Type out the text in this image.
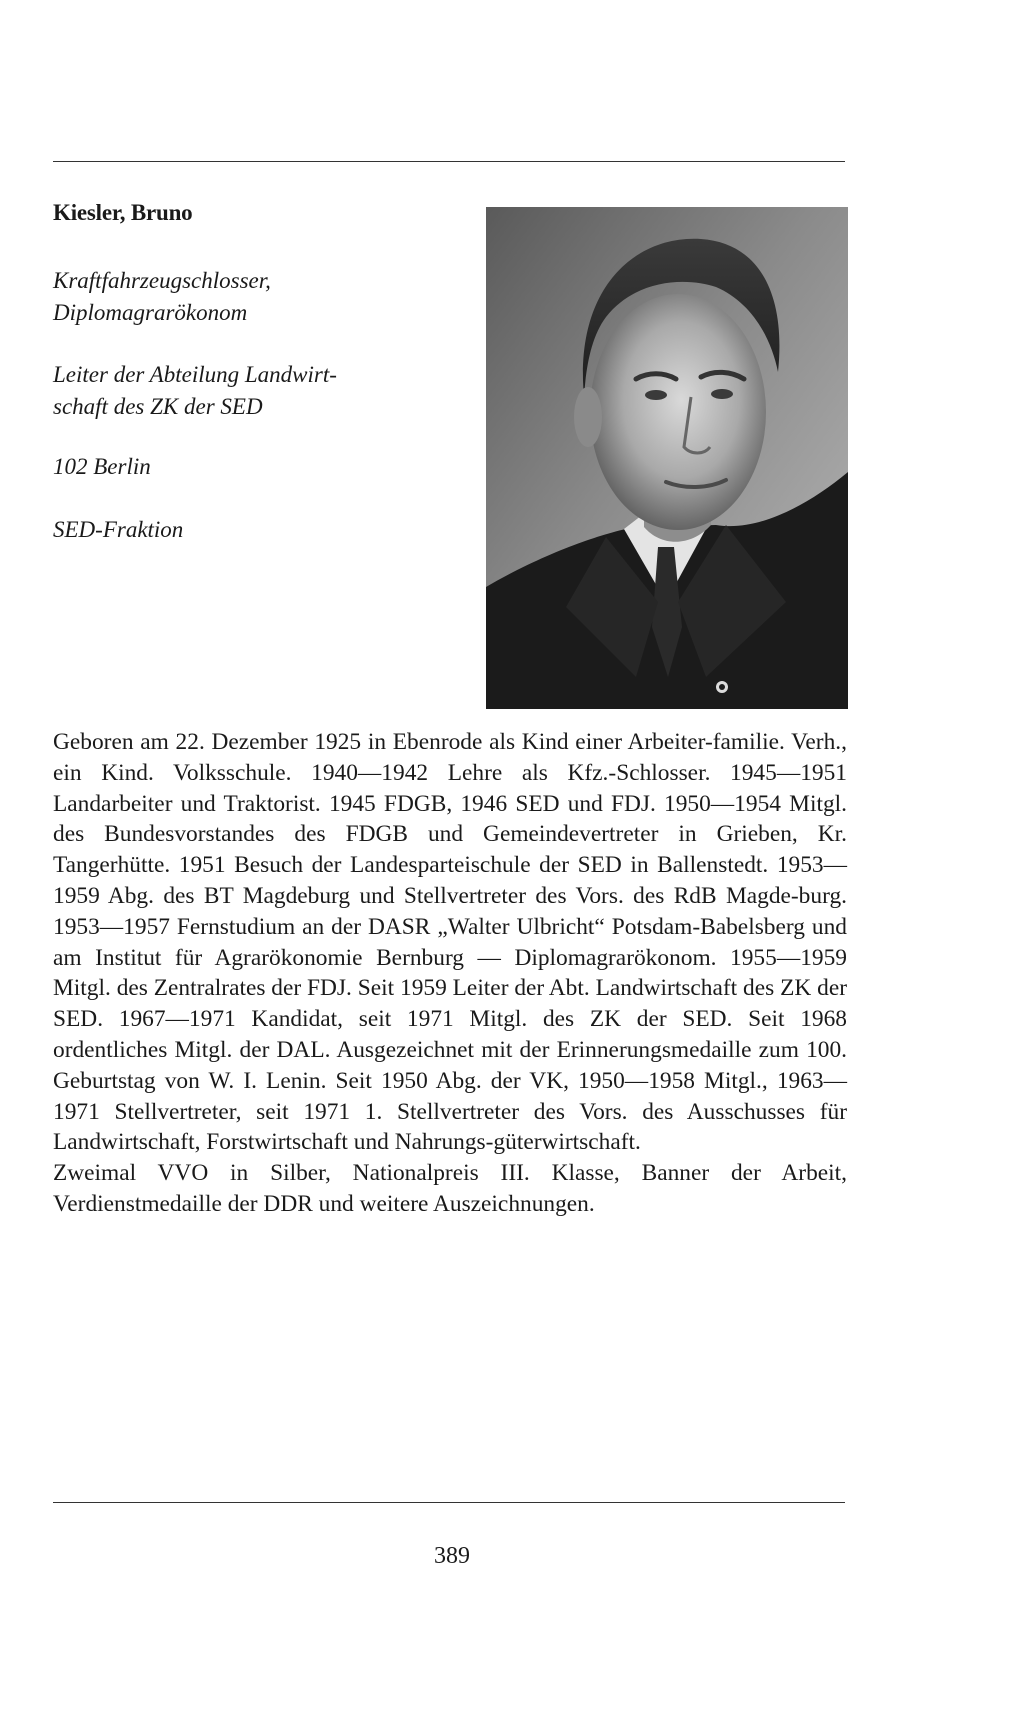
Kiesler, Bruno

Kraftfahrzeugschlosser,
Diplomagrarökonom

Leiter der Abteilung Landwirt-
schaft des ZK der SED

102 Berlin

SED-Fraktion

Geboren am 22. Dezember 1925 in Ebenrode als Kind einer Arbeiter-familie. Verh., ein Kind. Volksschule. 1940—1942 Lehre als Kfz.-Schlosser. 1945—1951 Landarbeiter und Traktorist. 1945 FDGB, 1946 SED und FDJ. 1950—1954 Mitgl. des Bundesvorstandes des FDGB und Gemeindevertreter in Grieben, Kr. Tangerhütte. 1951 Besuch der Landesparteischule der SED in Ballenstedt. 1953—1959 Abg. des BT Magdeburg und Stellvertreter des Vors. des RdB Magde-burg. 1953—1957 Fernstudium an der DASR „Walter Ulbricht“ Potsdam-Babelsberg und am Institut für Agrarökonomie Bernburg — Diplomagrarökonom. 1955—1959 Mitgl. des Zentralrates der FDJ. Seit 1959 Leiter der Abt. Landwirtschaft des ZK der SED. 1967—1971 Kandidat, seit 1971 Mitgl. des ZK der SED. Seit 1968 ordentliches Mitgl. der DAL. Ausgezeichnet mit der Erinnerungsmedaille zum 100. Geburtstag von W. I. Lenin. Seit 1950 Abg. der VK, 1950—1958 Mitgl., 1963—1971 Stellvertreter, seit 1971 1. Stellvertreter des Vors. des Ausschusses für Landwirtschaft, Forstwirtschaft und Nahrungs-güterwirtschaft.

Zweimal VVO in Silber, Nationalpreis III. Klasse, Banner der Arbeit, Verdienstmedaille der DDR und weitere Auszeichnungen.

389
